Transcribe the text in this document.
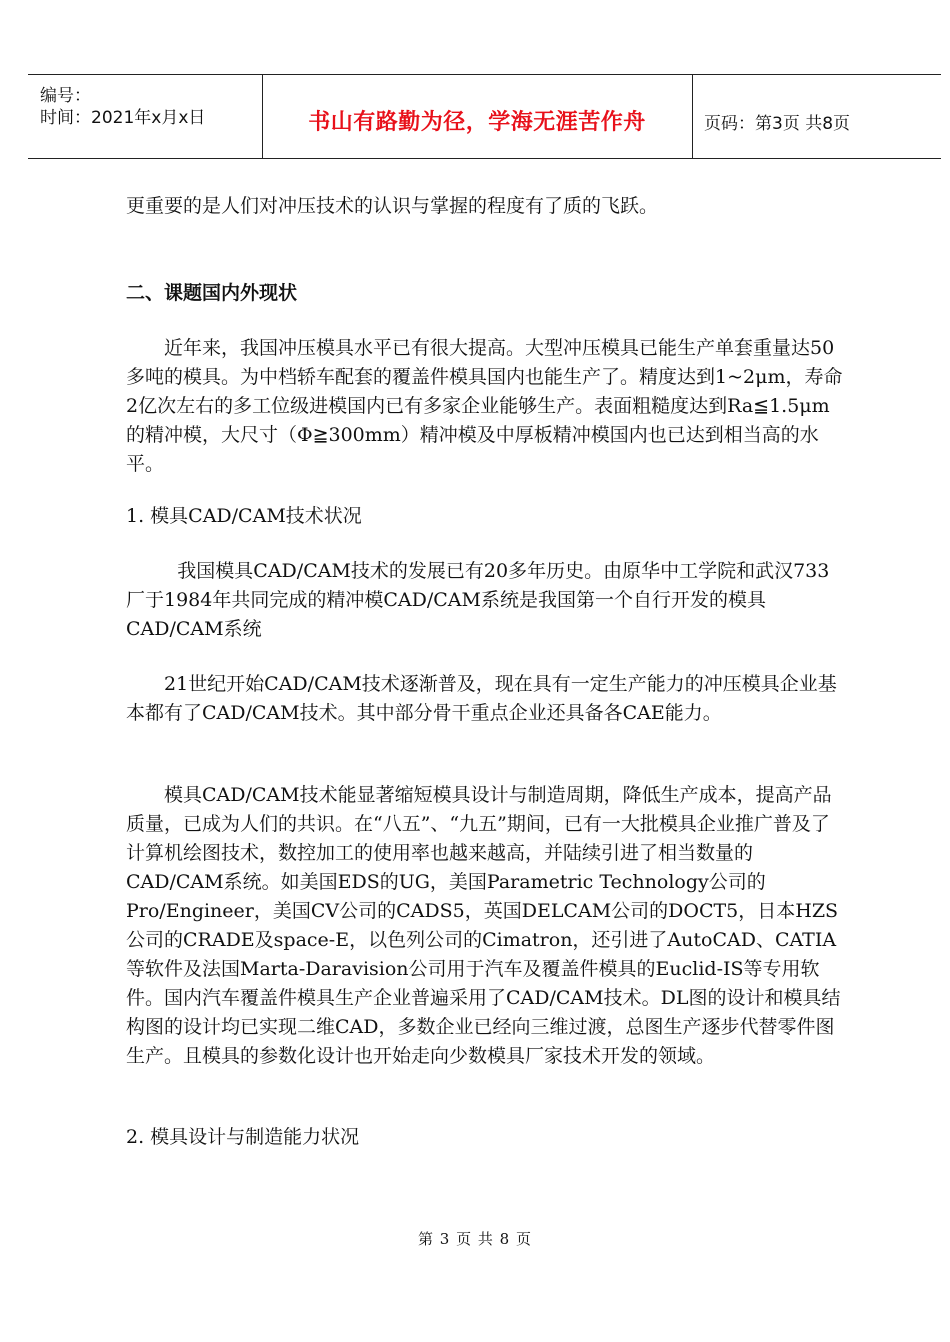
编号：
时间：2021年x月x日	书山有路勤为径，学海无涯苦作舟	页码：第3页 共8页

更重要的是人们对冲压技术的认识与掌握的程度有了质的飞跃。

二、课题国内外现状

近年来，我国冲压模具水平已有很大提高。大型冲压模具已能生产单套重量达50多吨的模具。为中档轿车配套的覆盖件模具国内也能生产了。精度达到1~2μm，寿命2亿次左右的多工位级进模国内已有多家企业能够生产。表面粗糙度达到Ra≦1.5μm的精冲模，大尺寸（Φ≧300mm）精冲模及中厚板精冲模国内也已达到相当高的水平。

1. 模具CAD/CAM技术状况

我国模具CAD/CAM技术的发展已有20多年历史。由原华中工学院和武汉733厂于1984年共同完成的精冲模CAD/CAM系统是我国第一个自行开发的模具CAD/CAM系统

21世纪开始CAD/CAM技术逐渐普及，现在具有一定生产能力的冲压模具企业基本都有了CAD/CAM技术。其中部分骨干重点企业还具备各CAE能力。

模具CAD/CAM技术能显著缩短模具设计与制造周期，降低生产成本，提高产品质量，已成为人们的共识。在“八五”、“九五”期间，已有一大批模具企业推广普及了计算机绘图技术，数控加工的使用率也越来越高，并陆续引进了相当数量的CAD/CAM系统。如美国EDS的UG，美国Parametric Technology公司的Pro/Engineer，美国CV公司的CADS5，英国DELCAM公司的DOCT5，日本HZS公司的CRADE及space-E，以色列公司的Cimatron，还引进了AutoCAD、CATIA等软件及法国Marta-Daravision公司用于汽车及覆盖件模具的Euclid-IS等专用软件。国内汽车覆盖件模具生产企业普遍采用了CAD/CAM技术。DL图的设计和模具结构图的设计均已实现二维CAD，多数企业已经向三维过渡，总图生产逐步代替零件图生产。且模具的参数化设计也开始走向少数模具厂家技术开发的领域。

2. 模具设计与制造能力状况

第 3 页 共 8 页
